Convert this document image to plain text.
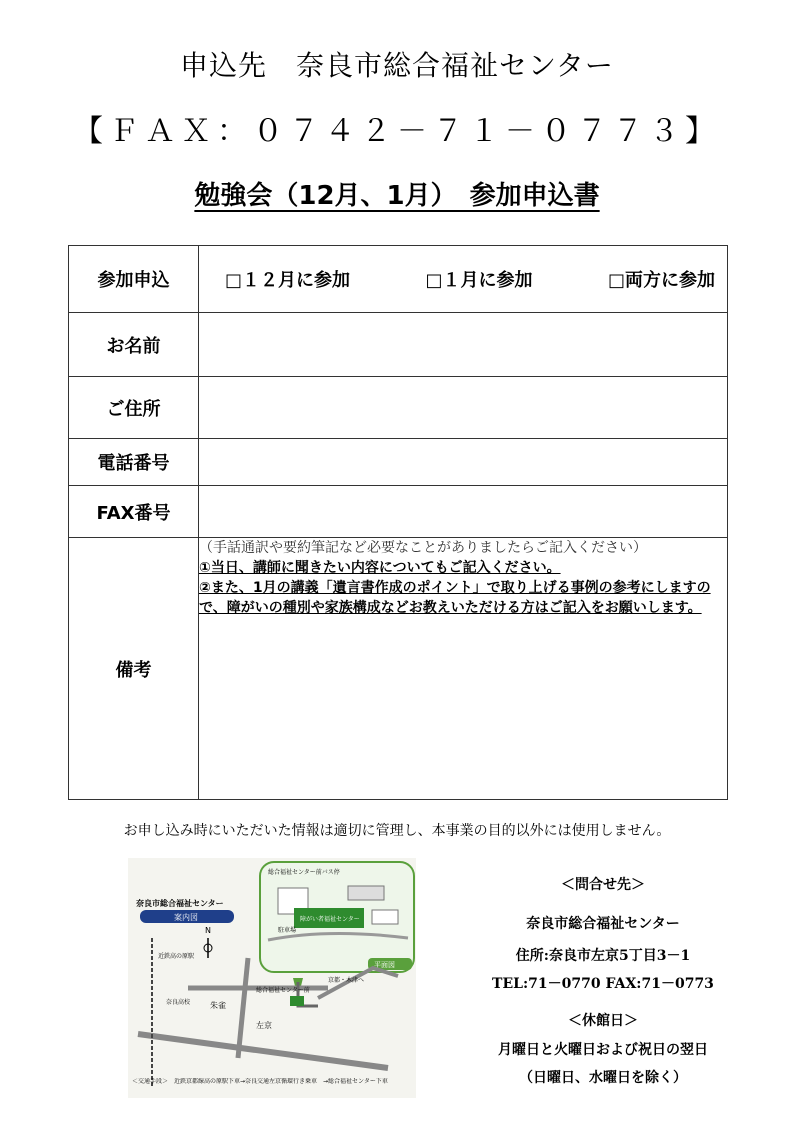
申込先　奈良市総合福祉センター
【ＦＡＸ：０７４２－７１－０７７３】
勉強会（12月、1月）　参加申込書
参加申込	□１２月に参加 □１月に参加 □両方に参加

お名前	
ご住所	
電話番号	
FAX番号	
備考	（手話通訳や要約筆記など必要なことがありましたらご記入ください）
①当日、講師に聞きたい内容についてもご記入ください。
②また、1月の講義「遺言書作成のポイント」で取り上げる事例の参考にしますので、障がいの種別や家族構成などお教えいただける方はご記入をお願いします。
お申し込み時にいただいた情報は適切に管理し、本事業の目的以外には使用しません。
障がい者福祉センター
総合福祉センター前バス停
駐車場
平面図
奈良市総合福祉センター
案内図
総合福祉センター前
京都・木津へ
近鉄高の原駅
奈良高校 朱雀
左京
N
＜交通手段＞　近鉄京都線高の原駅下車→奈良交通左京循環行き乗車　→総合福祉センター下車
＜問合せ先＞
奈良市総合福祉センター
住所:奈良市左京5丁目3－1
TEL:71－0770 FAX:71－0773
＜休館日＞
月曜日と火曜日および祝日の翌日
（日曜日、水曜日を除く）
